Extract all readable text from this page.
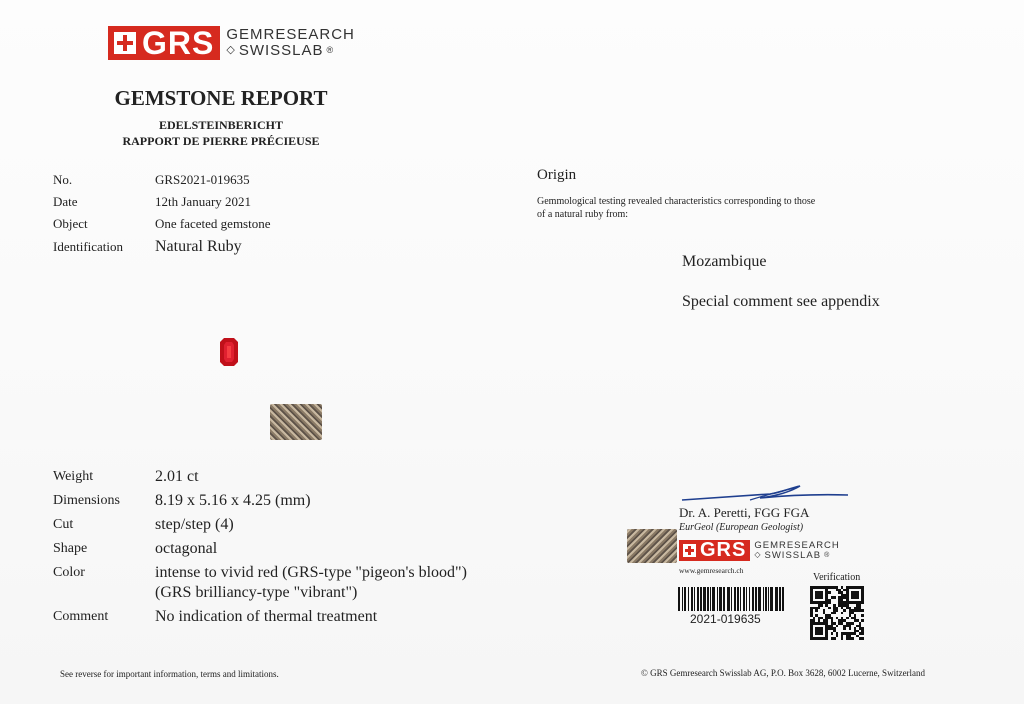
GRS GEMRESEARCH
◇ SWISSLAB ®
GEMSTONE REPORT
EDELSTEINBERICHT
RAPPORT DE PIERRE PRÉCIEUSE
No.	GRS2021-019635
Date	12th January 2021
Object	One faceted gemstone
Identification Natural Ruby
Weight	2.01 ct
Dimensions 8.19 x 5.16 x 4.25 (mm)
Cut	step/step (4)
Shape	octagonal
Color	intense to vivid red (GRS-type "pigeon's blood")
(GRS brilliancy-type "vibrant")
Comment	No indication of thermal treatment
Origin
Gemmological testing revealed characteristics corresponding to those
of a natural ruby from:
Mozambique
Special comment see appendix
Dr. A. Peretti, FGG FGA
EurGeol (European Geologist)
GRS GEMRESEARCH
◇ SWISSLAB ®
www.gemresearch.ch
2021-019635
Verification
See reverse for important information, terms and limitations.	© GRS Gemresearch Swisslab AG, P.O. Box 3628, 6002 Lucerne, Switzerland
